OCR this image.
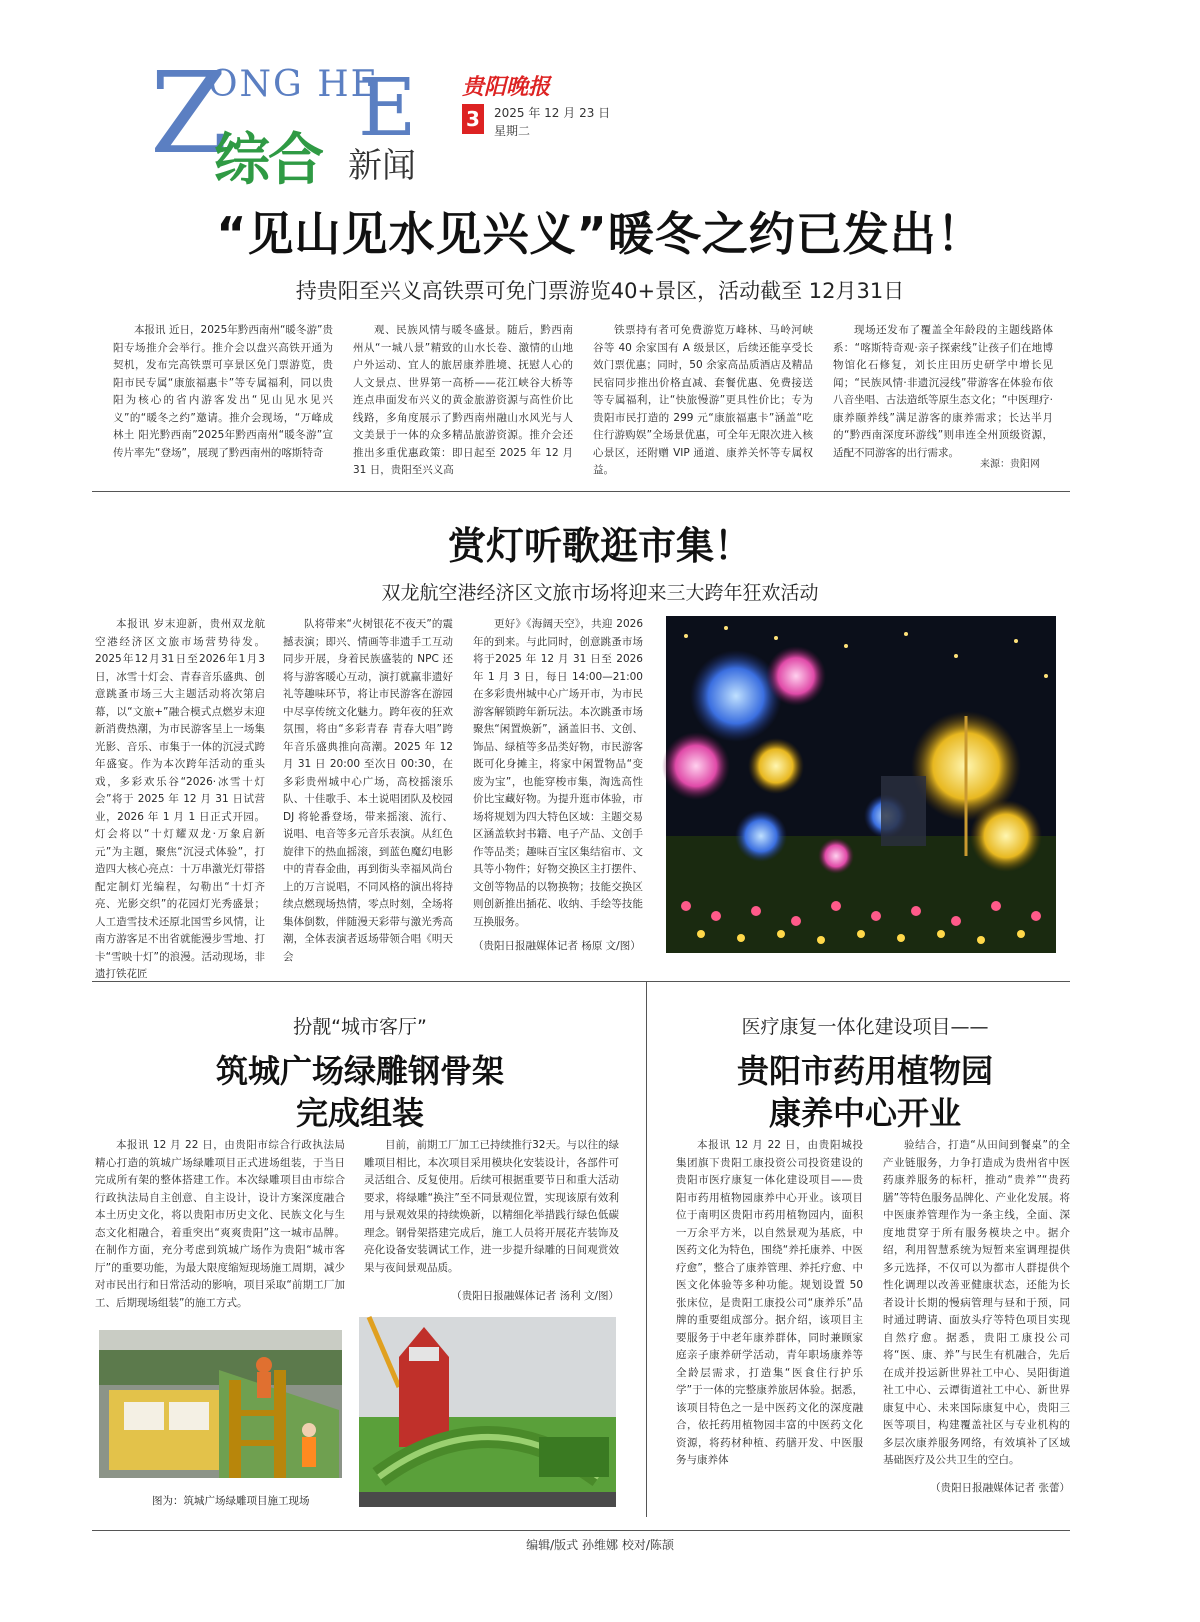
Z
ONG HE
E
综合 新闻
贵阳晚报
3	2025 年 12 月 23 日
星期二
“见山见水见兴义”暖冬之约已发出！
持贵阳至兴义高铁票可免门票游览40+景区，活动截至 12月31日

本报讯 近日，2025年黔西南州“暖冬游”贵阳专场推介会举行。推介会以盘兴高铁开通为契机，发布完高铁票可享景区免门票游览，贵阳市民专属“康旅福惠卡”等专属福利，同以贵阳为核心的省内游客发出“见山见水见兴义”的“暖冬之约”邀请。推介会现场，“万峰成林土 阳光黔西南”2025年黔西南州“暖冬游”宣传片率先“登场”，展现了黔西南州的喀斯特奇

观、民族风情与暖冬盛景。随后，黔西南州从“一城八景”精致的山水长卷、激情的山地户外运动、宜人的旅居康养胜境、抚慰人心的人文景点、世界第一高桥——花江峡谷大桥等连点串面发布兴义的黄金旅游资源与高性价比线路，多角度展示了黔西南州融山水风光与人文美景于一体的众多精品旅游资源。推介会还推出多重优惠政策：即日起至 2025 年 12 月 31 日，贵阳至兴义高

铁票持有者可免费游览万峰林、马岭河峡谷等 40 余家国有 A 级景区，后续还能享受长效门票优惠；同时，50 余家高品质酒店及精品民宿同步推出价格直减、套餐优惠、免费接送等专属福利，让“快旅慢游”更具性价比；专为贵阳市民打造的 299 元“康旅福惠卡”涵盖“吃住行游购娱”全场景优惠，可全年无限次进入核心景区，还附赠 VIP 通道、康养关怀等专属权益。

现场还发布了覆盖全年龄段的主题线路体系：“喀斯特奇观·亲子探索线”让孩子们在地博物馆化石修复，刘长庄田历史研学中增长见闻；“民族风情·非遗沉浸线”带游客在体验布依八音坐唱、古法造纸等原生态文化；“中医理疗·康养颐养线”满足游客的康养需求；长达半月的“黔西南深度环游线”则串连全州顶级资源，适配不同游客的出行需求。

来源：贵阳网
赏灯听歌逛市集！
双龙航空港经济区文旅市场将迎来三大跨年狂欢活动

本报讯 岁末迎新，贵州双龙航空港经济区文旅市场营势待发。2025年12月31日至2026年1月3日，冰雪十灯会、青春音乐盛典、创意跳蚤市场三大主题活动将次第启幕，以“文旅+”融合模式点燃岁末迎新消费热潮，为市民游客呈上一场集光影、音乐、市集于一体的沉浸式跨年盛宴。作为本次跨年活动的重头戏，多彩欢乐谷“2026·冰雪十灯会”将于 2025 年 12 月 31 日试营业，2026 年 1 月 1 日正式开园。灯会将以“十灯耀双龙·万象启新元”为主题，聚焦“沉浸式体验”，打造四大核心亮点：十万串激光灯带搭配定制灯光编程，勾勒出“十灯齐亮、光影交织”的花园灯光秀盛景；人工造雪技术还原北国雪乡风情，让南方游客足不出省就能漫步雪地、打卡“雪映十灯”的浪漫。活动现场，非遗打铁花匠

队将带来“火树银花不夜天”的震撼表演；即兴、情画等非遗手工互动同步开展，身着民族盛装的 NPC 还将与游客暖心互动，演打就赢非遗好礼等趣味环节，将让市民游客在游园中尽享传统文化魅力。跨年夜的狂欢氛围，将由“多彩青春 青春大唱”跨年音乐盛典推向高潮。2025 年 12 月 31 日 20:00 至次日 00:30，在多彩贵州城中心广场，高校摇滚乐队、十佳歌手、本土说唱团队及校园 DJ 将轮番登场，带来摇滚、流行、说唱、电音等多元音乐表演。从红色旋律下的热血摇滚，到蓝色魔幻电影中的青春金曲，再到街头幸福风尚台上的万言说唱，不同风格的演出将持续点燃现场热情，零点时刻，全场将集体倒数，伴随漫天彩带与激光秀高潮，全体表演者返场带领合唱《明天会

更好》《海阔天空》，共迎 2026 年的到来。与此同时，创意跳蚤市场将于2025 年 12 月 31 日至 2026 年 1 月 3 日，每日 14:00—21:00 在多彩贵州城中心广场开市，为市民游客解锁跨年新玩法。本次跳蚤市场聚焦“闲置焕新”，涵盖旧书、文创、饰品、绿植等多品类好物，市民游客既可化身摊主，将家中闲置物品“变废为宝”，也能穿梭市集，淘选高性价比宝藏好物。为提升逛市体验，市场将规划为四大特色区域：主题交易区涵盖软封书籍、电子产品、文创手作等品类；趣味百宝区集结宿市、文具等小物件；好物交换区主打摆件、文创等物品的以物换物；技能交换区则创新推出插花、收纳、手绘等技能互换服务。

（贵阳日报融媒体记者 杨原 文/图）
扮靓“城市客厅”
筑城广场绿雕钢骨架
完成组装

本报讯 12 月 22 日，由贵阳市综合行政执法局精心打造的筑城广场绿雕项目正式进场组装，于当日完成所有架的整体搭建工作。本次绿雕项目由市综合行政执法局自主创意、自主设计，设计方案深度融合本土历史文化，将以贵阳市历史文化、民族文化与生态文化相融合，着重突出“爽爽贵阳”这一城市品牌。在制作方面，充分考虑到筑城广场作为贵阳“城市客厅”的重要功能，为最大限度缩短现场施工周期，减少对市民出行和日常活动的影响，项目采取“前期工厂加工、后期现场组装”的施工方式。

目前，前期工厂加工已持续推行32天。与以往的绿雕项目相比，本次项目采用模块化安装设计，各部件可灵活组合、反复使用。后续可根据重要节日和重大活动要求，将绿雕“换注”至不同景观位置，实现该原有效利用与景观效果的持续焕新，以精细化举措践行绿色低碳理念。钢骨架搭建完成后，施工人员将开展花卉装饰及亮化设备安装调试工作，进一步提升绿雕的日间观赏效果与夜间景观品质。

（贵阳日报融媒体记者 汤利 文/图）
图为：筑城广场绿雕项目施工现场
医疗康复一体化建设项目——
贵阳市药用植物园
康养中心开业

本报讯 12 月 22 日，由贵阳城投集团旗下贵阳工康投资公司投资建设的贵阳市医疗康复一体化建设项目——贵阳市药用植物园康养中心开业。该项目位于南明区贵阳市药用植物园内，面积一万余平方米，以自然景观为基底，中医药文化为特色，围绕“养托康养、中医疗愈”，整合了康养管理、养托疗愈、中医文化体验等多种功能。规划设置 50 张床位，是贵阳工康投公司“康养乐”品牌的重要组成部分。据介绍，该项目主要服务于中老年康养群体，同时兼顾家庭亲子康养研学活动，青年职场康养等全龄层需求，打造集“医食住行护乐学”于一体的完整康养旅居体验。据悉，该项目特色之一是中医药文化的深度融合，依托药用植物园丰富的中医药文化资源，将药材种植、药膳开发、中医服务与康养体

验结合，打造“从田间到餐桌”的全产业链服务，力争打造成为贵州省中医药康养服务的标杆，推动“贵养”“贵药膳”等特色服务品牌化、产业化发展。将中医康养管理作为一条主线，全面、深度地贯穿于所有服务模块之中。据介绍，利用智慧系统为短暂来室调理提供多元选择，不仅可以为都市人群提供个性化调理以改善亚健康状态，还能为长者设计长期的慢病管理与昼和于预，同时通过聘请、面放头疗等特色项目实现自然疗愈。据悉，贵阳工康投公司将“医、康、养”与民生有机融合，先后在成并投运新世界社工中心、吴阳街道社工中心、云谭街道社工中心、新世界康复中心、未来国际康复中心，贵阳三医等项目，构建覆盖社区与专业机构的多层次康养服务网络，有效填补了区域基础医疗及公共卫生的空白。

（贵阳日报融媒体记者 张蕾）
编辑/版式 孙维娜 校对/陈颉
